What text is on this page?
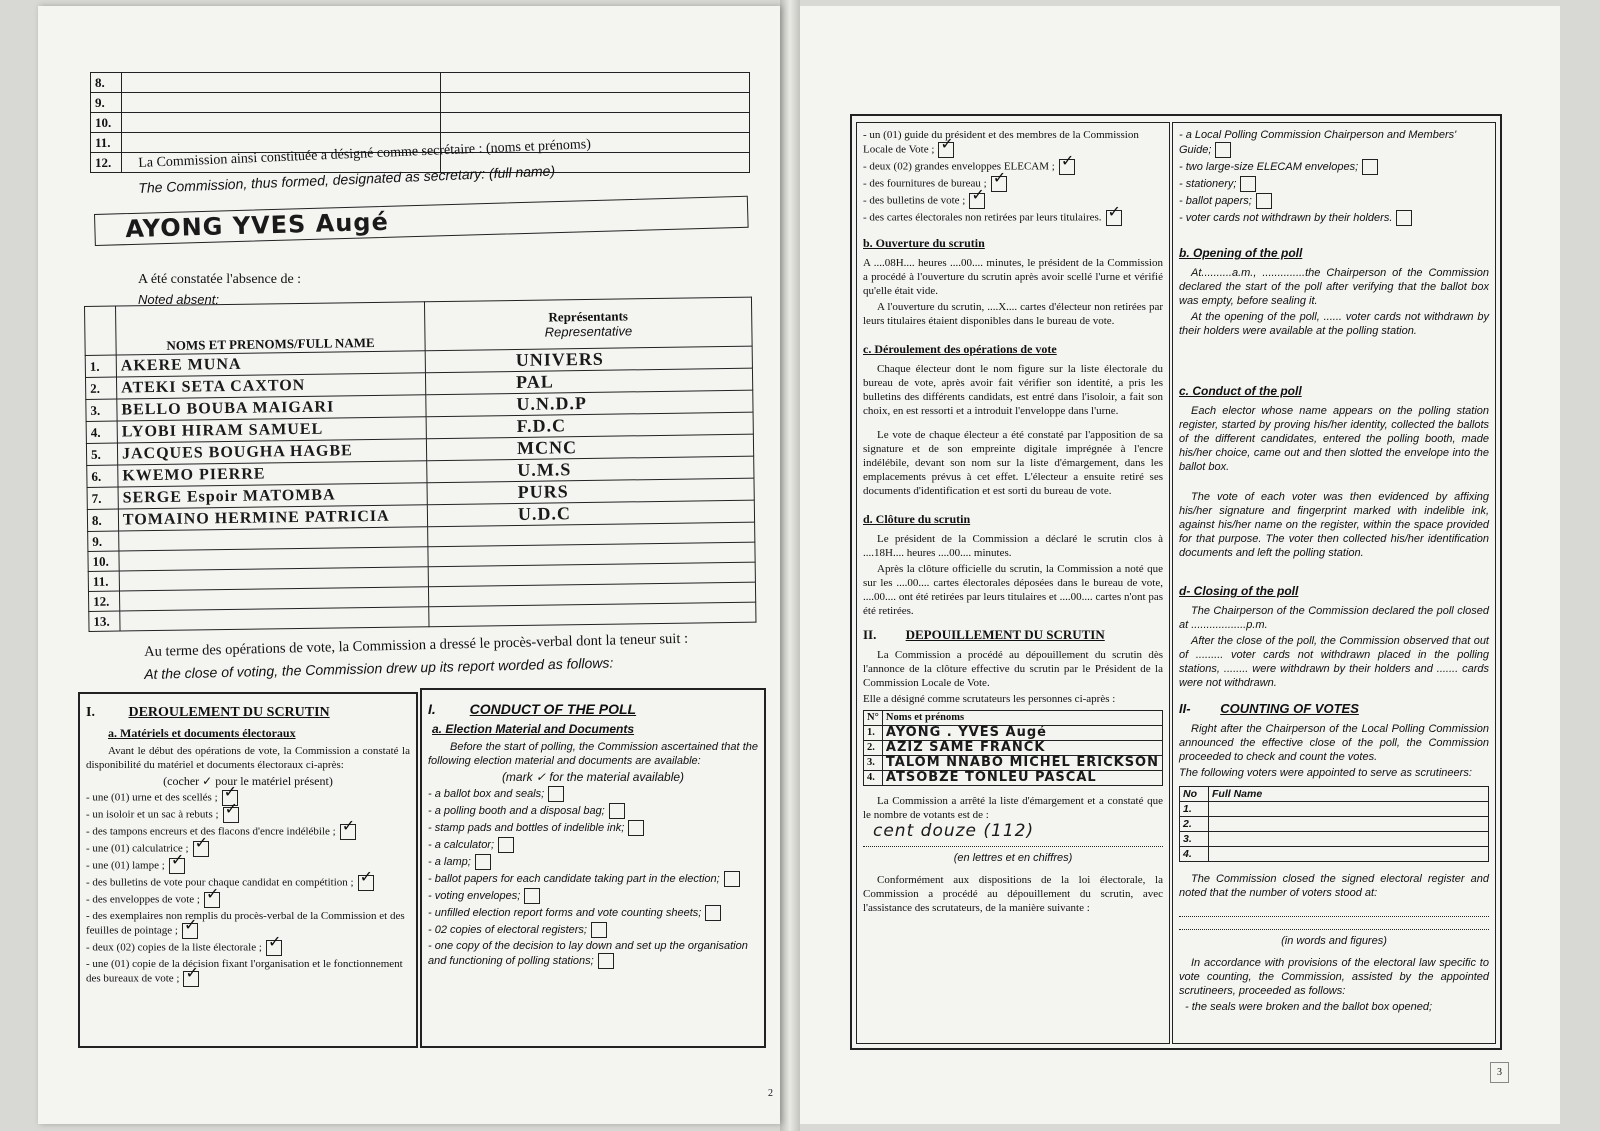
8.		
9.		
10.		
11.		
12.		La Commission ainsi constituée a désigné comme secrétaire : (noms et prénoms)
The Commission, thus formed, designated as secretary: (full name)
AYONG YVES Augé
A été constatée l'absence de :
Noted absent:
	NOMS ET PRENOMS/FULL NAME	Représentants
Representative

1.	AKERE MUNA	UNIVERS
2.	ATEKI SETA CAXTON	PAL
3.	BELLO BOUBA MAIGARI	U.N.D.P
4.	LYOBI HIRAM SAMUEL	F.D.C
5.	JACQUES BOUGHA HAGBE	MCNC
6.	KWEMO PIERRE	U.M.S
7.	SERGE Espoir MATOMBA	PURS
8.	TOMAINO HERMINE PATRICIA	U.D.C
9.		
10.		
11.		
12.		
13.		
Au terme des opérations de vote, la Commission a dressé le procès-verbal dont la teneur suit :
At the close of voting, the Commission drew up its report worded as follows:
I. DEROULEMENT DU SCRUTIN
a. Matériels et documents électoraux

Avant le début des opérations de vote, la Commission a constaté la disponibilité du matériel et documents électoraux ci-après:

(cocher ✓ pour le matériel présent)

- une (01) urne et des scellés ;✓
- un isoloir et un sac à rebuts ;✓
- des tampons encreurs et des flacons d'encre indélébile ;✓
- une (01) calculatrice ;✓
- une (01) lampe ;✓
- des bulletins de vote pour chaque candidat en compétition ;✓
- des enveloppes de vote ;✓
- des exemplaires non remplis du procès-verbal de la Commission et des feuilles de pointage ;✓
- deux (02) copies de la liste électorale ;✓
- une (01) copie de la décision fixant l'organisation et le fonctionnement des bureaux de vote ;✓
I. CONDUCT OF THE POLL
a. Election Material and Documents

Before the start of polling, the Commission ascertained that the following election material and documents are available:

(mark ✓ for the material available)

- a ballot box and seals;
- a polling booth and a disposal bag;
- stamp pads and bottles of indelible ink;
- a calculator;
- a lamp;
- ballot papers for each candidate taking part in the election;
- voting envelopes;
- unfilled election report forms and vote counting sheets;
- 02 copies of electoral registers;
- one copy of the decision to lay down and set up the organisation and functioning of polling stations;
2
- un (01) guide du président et des membres de la Commission Locale de Vote ;✓
- deux (02) grandes enveloppes ELECAM ;✓
- des fournitures de bureau ;✓
- des bulletins de vote ;✓
- des cartes électorales non retirées par leurs titulaires.✓
b. Ouverture du scrutin

A ....08H.... heures ....00.... minutes, le président de la Commission a procédé à l'ouverture du scrutin après avoir scellé l'urne et vérifié qu'elle était vide.

A l'ouverture du scrutin, ....X.... cartes d'électeur non retirées par leurs titulaires étaient disponibles dans le bureau de vote.

c. Déroulement des opérations de vote

Chaque électeur dont le nom figure sur la liste électorale du bureau de vote, après avoir fait vérifier son identité, a pris les bulletins des différents candidats, est entré dans l'isoloir, a fait son choix, en est ressorti et a introduit l'enveloppe dans l'urne.

Le vote de chaque électeur a été constaté par l'apposition de sa signature et de son empreinte digitale imprégnée à l'encre indélébile, devant son nom sur la liste d'émargement, dans les emplacements prévus à cet effet. L'électeur a ensuite retiré ses documents d'identification et est sorti du bureau de vote.

d. Clôture du scrutin

Le président de la Commission a déclaré le scrutin clos à ....18H.... heures ....00.... minutes.

Après la clôture officielle du scrutin, la Commission a noté que sur les ....00.... cartes électorales déposées dans le bureau de vote, ....00.... ont été retirées par leurs titulaires et ....00.... cartes n'ont pas été retirées.

II. DEPOUILLEMENT DU SCRUTIN

La Commission a procédé au dépouillement du scrutin dès l'annonce de la clôture effective du scrutin par le Président de la Commission Locale de Vote.

Elle a désigné comme scrutateurs les personnes ci-après :

N°	Noms et prénoms
1.	AYONG . YVES Augé
2.	AZIZ SAME FRANCK
3.	TALOM NNABO MICHEL ERICKSON
4.	ATSOBZE TONLEU PASCAL

La Commission a arrêté la liste d'émargement et a constaté que le nombre de votants est de :

cent douze (112)

(en lettres et en chiffres)

Conformément aux dispositions de la loi électorale, la Commission a procédé au dépouillement du scrutin, avec l'assistance des scrutateurs, de la manière suivante :

- a Local Polling Commission Chairperson and Members' Guide;
- two large-size ELECAM envelopes;
- stationery;
- ballot papers;
- voter cards not withdrawn by their holders.
b. Opening of the poll

At..........a.m., ..............the Chairperson of the Commission declared the start of the poll after verifying that the ballot box was empty, before sealing it.

At the opening of the poll, ...... voter cards not withdrawn by their holders were available at the polling station.

c. Conduct of the poll

Each elector whose name appears on the polling station register, started by proving his/her identity, collected the ballots of the different candidates, entered the polling booth, made his/her choice, came out and then slotted the envelope into the ballot box.

The vote of each voter was then evidenced by affixing his/her signature and fingerprint marked with indelible ink, against his/her name on the register, within the space provided for that purpose. The voter then collected his/her identification documents and left the polling station.

d- Closing of the poll

The Chairperson of the Commission declared the poll closed at ..................p.m.

After the close of the poll, the Commission observed that out of ......... voter cards not withdrawn placed in the polling stations, ........ were withdrawn by their holders and ....... cards were not withdrawn.

II- COUNTING OF VOTES

Right after the Chairperson of the Local Polling Commission announced the effective close of the poll, the Commission proceeded to check and count the votes.

The following voters were appointed to serve as scrutineers:

No	Full Name
1.	
2.	
3.	
4.	

The Commission closed the signed electoral register and noted that the number of voters stood at:

(in words and figures)

In accordance with provisions of the electoral law specific to vote counting, the Commission, assisted by the appointed scrutineers, proceeded as follows:

- the seals were broken and the ballot box opened;

3
